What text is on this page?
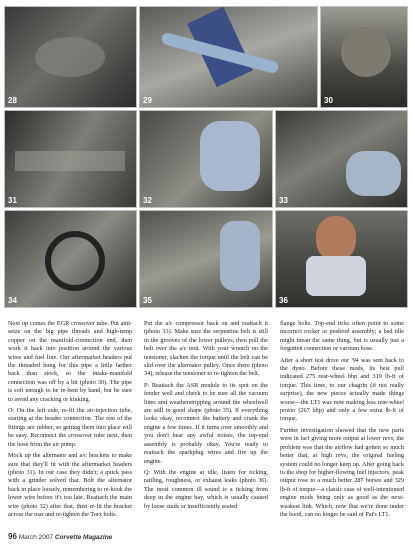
28	29	30
31	32	33
34	35	36

Next up comes the EGR crossover tube. Put anti-seize on the big pipe threads and high-temp copper on the manifold-connection end, then work it back into position around the various wires and fuel line. Our aftermarket headers put the threaded bung for this pipe a little farther back than stock, so the intake-manifold connection was off by a bit (photo 30). The pipe is soft enough to be re-bent by hand, but be sure to avoid any cracking or kinking.

O: On the left side, re-fit the air-injection tube, starting at the header connection. The rest of the fittings are rubber, so getting them into place will be easy. Reconnect the crossover tube next, then the hose from the air pump.

Mock up the alternator and a/c brackets to make sure that they'll fit with the aftermarket headers (photo 31). In our case they didn't; a quick pass with a grinder solved that. Bolt the alternator back in place loosely, remembering to re-hook the lower wire before it's too late. Reattach the main wire (photo 32) after that, then re-fit the bracket across the rear and re-tighten the Torx bolts.

Put the a/c compressor back on and reattach it (photo 33). Make sure the serpentine belt is still in the grooves of the lower pulleys, then pull the belt over the a/c unit. With your wrench on the tensioner, slacken the torque until the belt can be slid over the alternator pulley. Once there (photo 34), release the tensioner to re-tighten the belt.

P: Reattach the ASR module to its spot on the fender well and check to be sure all the vacuum lines and weatherstripping around the wheelwell are still in good shape (photo 35). If everything looks okay, reconnect the battery and crank the engine a few times. If it turns over smoothly and you don't hear any awful noises, the top-end assembly is probably okay. You're ready to reattach the sparkplug wires and fire up the engine.

Q: With the engine at idle, listen for ticking, rattling, roughness, or exhaust leaks (photo 36). The most common ill sound is a ticking from deep in the engine bay, which is usually caused by loose studs or insufficiently seated

flange bolts. Top-end ticks often point to some incorrect rocker or pushrod assembly; a bad idle might mean the same thing, but is usually just a forgotten connection or vacuum hose.

After a short test drive our '94 was sent back to the dyno. Before these mods, its best pull indicated 275 rear-wheel bhp and 319 lb-ft of torque. This time, to our chagrin (if not really surprise), the new pieces actually made things worse—the LT1 was now making less rear-wheel power (267 bhp) and only a few extra lb-ft of torque.

Further investigation showed that the new parts were in fact giving more output at lower revs; the problem was that the airflow had gotten so much better that, at high revs, the original fueling system could no longer keep up. After going back to the shop for higher-flowing fuel injectors, peak output rose to a much better 287 horses and 329 lb-ft of torque—a classic case of well-intentioned engine mods being only as good as the next-weakest link. Which, now that we're done under the hood, can no longer be said of Pat's LT1.

96 March 2007 Corvette Magazine
